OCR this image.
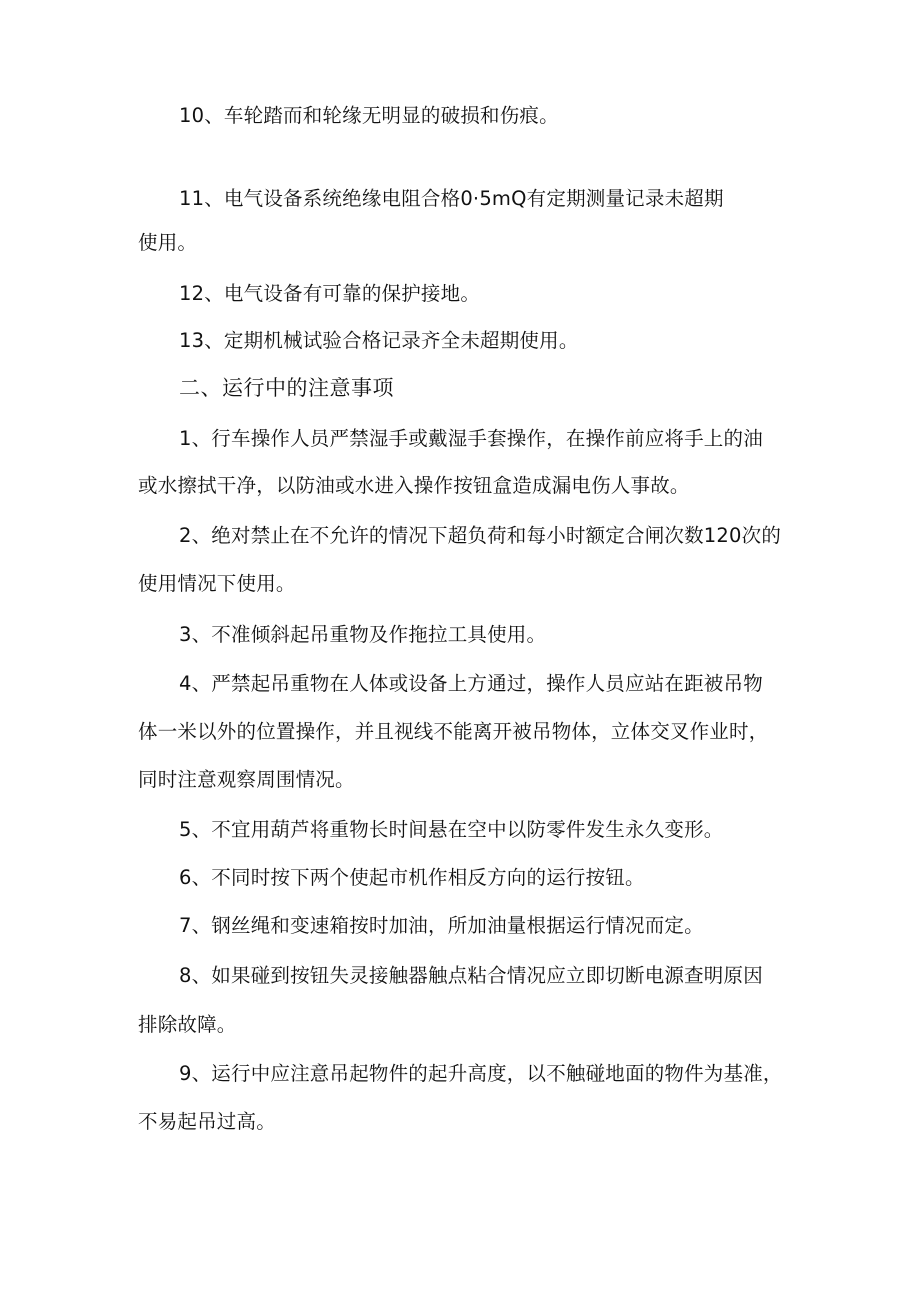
10、车轮踏而和轮缘无明显的破损和伤痕。
11、电气设备系统绝缘电阻合格0·5mQ有定期测量记录未超期
使用。
12、电气设备有可靠的保护接地。
13、定期机械试验合格记录齐全未超期使用。
二、运行中的注意事项
1、行车操作人员严禁湿手或戴湿手套操作，在操作前应将手上的油
或水擦拭干净，以防油或水进入操作按钮盒造成漏电伤人事故。
2、绝对禁止在不允许的情况下超负荷和每小时额定合闸次数120次的
使用情况下使用。
3、不准倾斜起吊重物及作拖拉工具使用。
4、严禁起吊重物在人体或设备上方通过，操作人员应站在距被吊物
体一米以外的位置操作，并且视线不能离开被吊物体，立体交叉作业时，
同时注意观察周围情况。
5、不宜用葫芦将重物长时间悬在空中以防零件发生永久变形。
6、不同时按下两个使起市机作相反方向的运行按钮。
7、钢丝绳和变速箱按时加油，所加油量根据运行情况而定。
8、如果碰到按钮失灵接触器触点粘合情况应立即切断电源查明原因
排除故障。
9、运行中应注意吊起物件的起升高度，以不触碰地面的物件为基准，
不易起吊过高。
